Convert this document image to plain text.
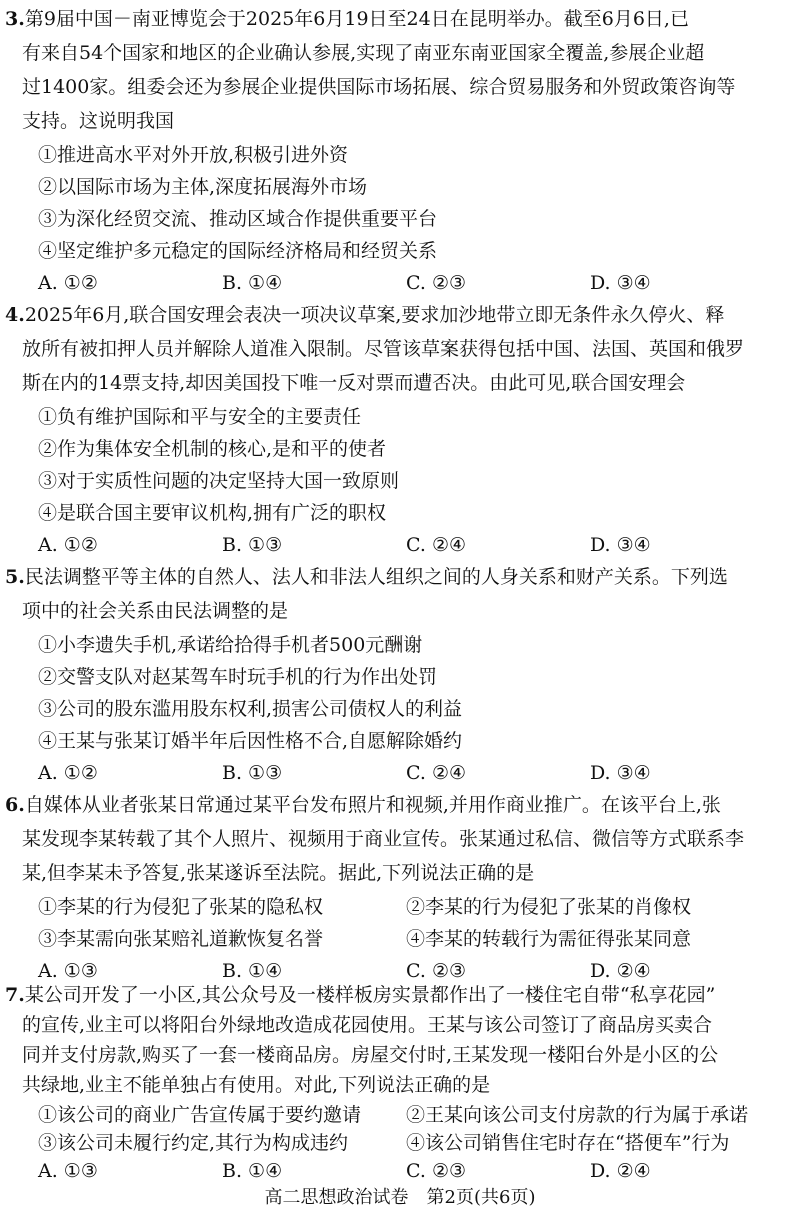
3.第9届中国－南亚博览会于2025年6月19日至24日在昆明举办。截至6月6日,已
有来自54个国家和地区的企业确认参展,实现了南亚东南亚国家全覆盖,参展企业超
过1400家。组委会还为参展企业提供国际市场拓展、综合贸易服务和外贸政策咨询等
支持。这说明我国
①推进高水平对外开放,积极引进外资
②以国际市场为主体,深度拓展海外市场
③为深化经贸交流、推动区域合作提供重要平台
④坚定维护多元稳定的国际经济格局和经贸关系
A. ①②	B. ①④	C. ②③	D. ③④
4.2025年6月,联合国安理会表决一项决议草案,要求加沙地带立即无条件永久停火、释
放所有被扣押人员并解除人道准入限制。尽管该草案获得包括中国、法国、英国和俄罗
斯在内的14票支持,却因美国投下唯一反对票而遭否决。由此可见,联合国安理会
①负有维护国际和平与安全的主要责任
②作为集体安全机制的核心,是和平的使者
③对于实质性问题的决定坚持大国一致原则
④是联合国主要审议机构,拥有广泛的职权
A. ①②	B. ①③	C. ②④	D. ③④
5.民法调整平等主体的自然人、法人和非法人组织之间的人身关系和财产关系。下列选
项中的社会关系由民法调整的是
①小李遗失手机,承诺给拾得手机者500元酬谢
②交警支队对赵某驾车时玩手机的行为作出处罚
③公司的股东滥用股东权利,损害公司债权人的利益
④王某与张某订婚半年后因性格不合,自愿解除婚约
A. ①②	B. ①③	C. ②④	D. ③④
6.自媒体从业者张某日常通过某平台发布照片和视频,并用作商业推广。在该平台上,张
某发现李某转载了其个人照片、视频用于商业宣传。张某通过私信、微信等方式联系李
某,但李某未予答复,张某遂诉至法院。据此,下列说法正确的是
①李某的行为侵犯了张某的隐私权	②李某的行为侵犯了张某的肖像权
③李某需向张某赔礼道歉恢复名誉	④李某的转载行为需征得张某同意
A. ①③	B. ①④	C. ②③	D. ②④
7.某公司开发了一小区,其公众号及一楼样板房实景都作出了一楼住宅自带“私享花园”
的宣传,业主可以将阳台外绿地改造成花园使用。王某与该公司签订了商品房买卖合
同并支付房款,购买了一套一楼商品房。房屋交付时,王某发现一楼阳台外是小区的公
共绿地,业主不能单独占有使用。对此,下列说法正确的是
①该公司的商业广告宣传属于要约邀请 ②王某向该公司支付房款的行为属于承诺
③该公司未履行约定,其行为构成违约	④该公司销售住宅时存在“搭便车”行为
A. ①③	B. ①④	C. ②③	D. ②④
高二思想政治试卷　第2页(共6页)
